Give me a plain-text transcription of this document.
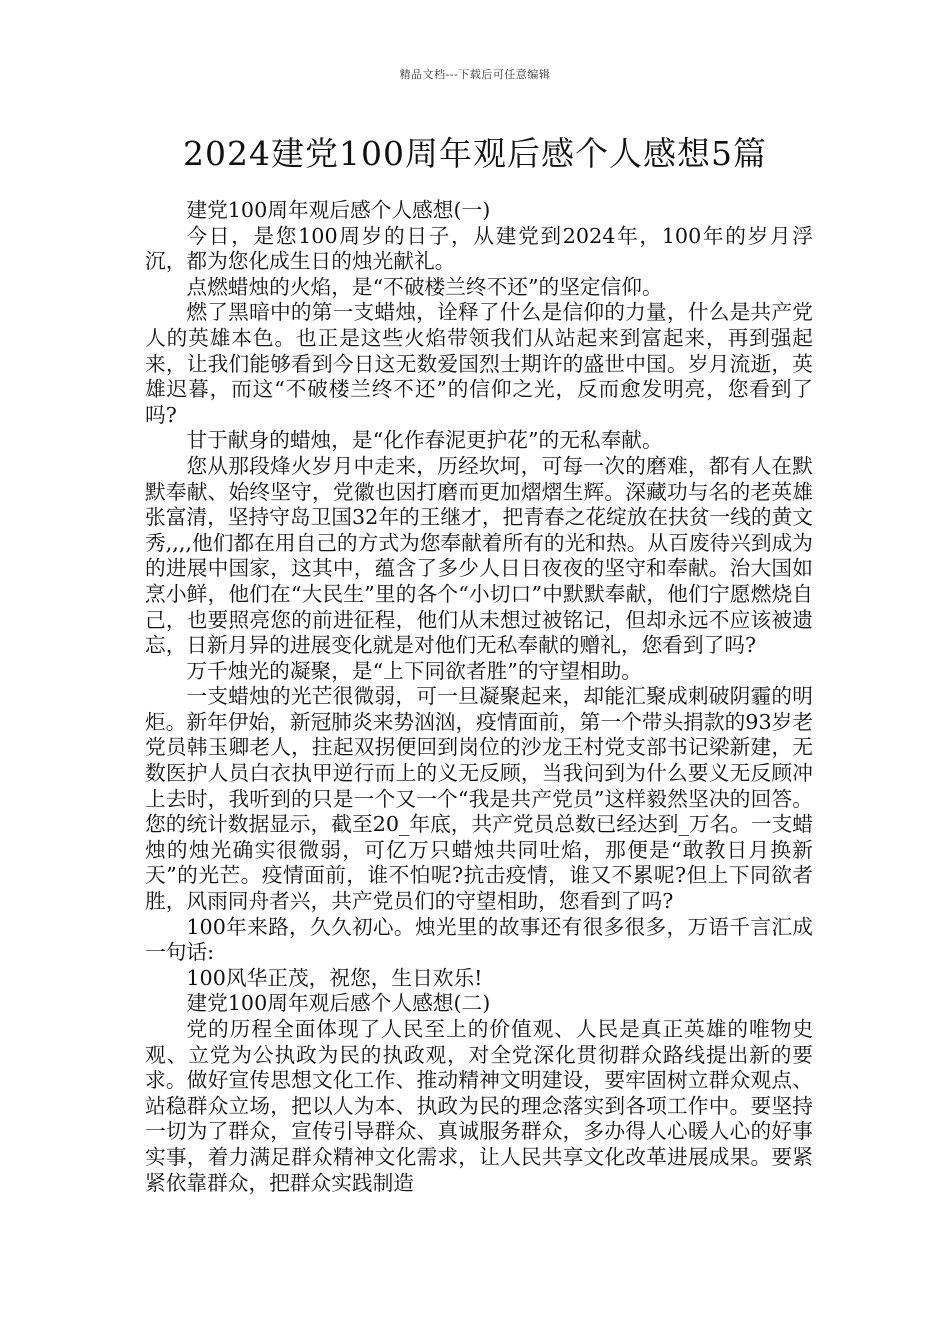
精品文档---下载后可任意编辑
2024建党100周年观后感个人感想5篇

建党100周年观后感个人感想(一)

今日，是您100周岁的日子，从建党到2024年，100年的岁月浮沉，都为您化成生日的烛光献礼。

点燃蜡烛的火焰，是“不破楼兰终不还”的坚定信仰。

燃了黑暗中的第一支蜡烛，诠释了什么是信仰的力量，什么是共产党人的英雄本色。也正是这些火焰带领我们从站起来到富起来，再到强起来，让我们能够看到今日这无数爱国烈士期许的盛世中国。岁月流逝，英雄迟暮，而这“不破楼兰终不还”的信仰之光，反而愈发明亮，您看到了吗?

甘于献身的蜡烛，是“化作春泥更护花”的无私奉献。

您从那段烽火岁月中走来，历经坎坷，可每一次的磨难，都有人在默默奉献、始终坚守，党徽也因打磨而更加熠熠生辉。深藏功与名的老英雄张富清，坚持守岛卫国32年的王继才，把青春之花绽放在扶贫一线的黄文秀,,,,他们都在用自己的方式为您奉献着所有的光和热。从百废待兴到成为的进展中国家，这其中，蕴含了多少人日日夜夜的坚守和奉献。治大国如烹小鲜，他们在“大民生”里的各个“小切口”中默默奉献，他们宁愿燃烧自己，也要照亮您的前进征程，他们从未想过被铭记，但却永远不应该被遗忘，日新月异的进展变化就是对他们无私奉献的赠礼，您看到了吗?

万千烛光的凝聚，是“上下同欲者胜”的守望相助。

一支蜡烛的光芒很微弱，可一旦凝聚起来，却能汇聚成刺破阴霾的明炬。新年伊始，新冠肺炎来势汹汹，疫情面前，第一个带头捐款的93岁老党员韩玉卿老人，拄起双拐便回到岗位的沙龙王村党支部书记梁新建，无数医护人员白衣执甲逆行而上的义无反顾，当我问到为什么要义无反顾冲上去时，我听到的只是一个又一个“我是共产党员”这样毅然坚决的回答。您的统计数据显示，截至20_年底，共产党员总数已经达到_万名。一支蜡烛的烛光确实很微弱，可亿万只蜡烛共同吐焰，那便是“敢教日月换新天”的光芒。疫情面前，谁不怕呢?抗击疫情，谁又不累呢?但上下同欲者胜，风雨同舟者兴，共产党员们的守望相助，您看到了吗?

100年来路，久久初心。烛光里的故事还有很多很多，万语千言汇成一句话:

100风华正茂，祝您，生日欢乐!

建党100周年观后感个人感想(二)

党的历程全面体现了人民至上的价值观、人民是真正英雄的唯物史观、立党为公执政为民的执政观，对全党深化贯彻群众路线提出新的要求。做好宣传思想文化工作、推动精神文明建设，要牢固树立群众观点、站稳群众立场，把以人为本、执政为民的理念落实到各项工作中。要坚持一切为了群众，宣传引导群众、真诚服务群众，多办得人心暖人心的好事实事，着力满足群众精神文化需求，让人民共享文化改革进展成果。要紧紧依靠群众，把群众实践制造
